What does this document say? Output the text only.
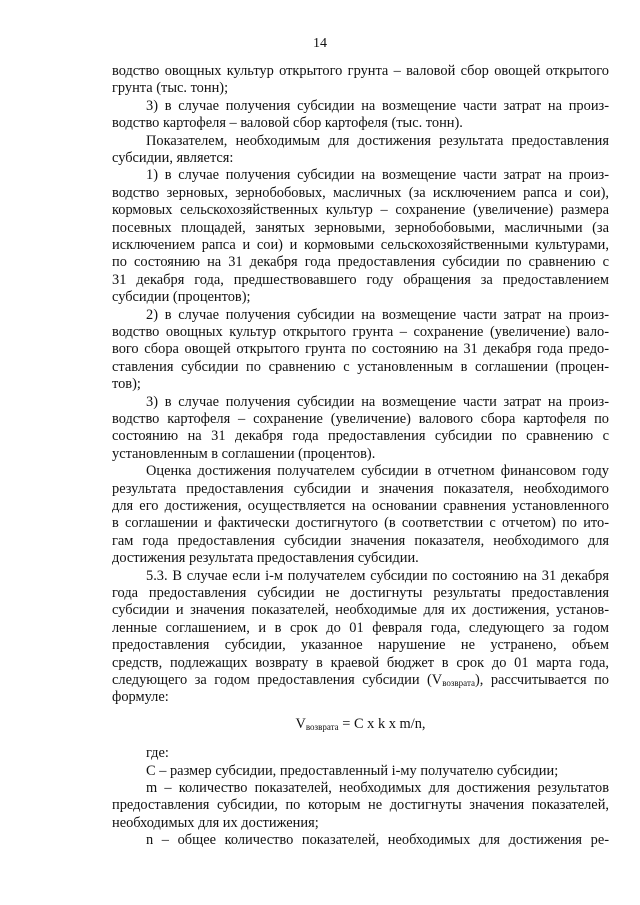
14
водство овощных культур открытого грунта – валовой сбор овощей открытого
грунта (тыс. тонн);
3) в случае получения субсидии на возмещение части затрат на произ-
водство картофеля – валовой сбор картофеля (тыс. тонн).
Показателем, необходимым для достижения результата предоставления
субсидии, является:
1) в случае получения субсидии на возмещение части затрат на произ-
водство зерновых, зернобобовых, масличных (за исключением рапса и сои),
кормовых сельскохозяйственных культур – сохранение (увеличение) размера
посевных площадей, занятых зерновыми, зернобобовыми, масличными (за
исключением рапса и сои) и кормовыми сельскохозяйственными культурами,
по состоянию на 31 декабря года предоставления субсидии по сравнению с
31 декабря года, предшествовавшего году обращения за предоставлением
субсидии (процентов);
2) в случае получения субсидии на возмещение части затрат на произ-
водство овощных культур открытого грунта – сохранение (увеличение) вало-
вого сбора овощей открытого грунта по состоянию на 31 декабря года предо-
ставления субсидии по сравнению с установленным в соглашении (процен-
тов);
3) в случае получения субсидии на возмещение части затрат на произ-
водство картофеля – сохранение (увеличение) валового сбора картофеля по
состоянию на 31 декабря года предоставления субсидии по сравнению с
установленным в соглашении (процентов).
Оценка достижения получателем субсидии в отчетном финансовом году
результата предоставления субсидии и значения показателя, необходимого
для его достижения, осуществляется на основании сравнения установленного
в соглашении и фактически достигнутого (в соответствии с отчетом) по ито-
гам года предоставления субсидии значения показателя, необходимого для
достижения результата предоставления субсидии.
5.3. В случае если i-м получателем субсидии по состоянию на 31 декабря
года предоставления субсидии не достигнуты результаты предоставления
субсидии и значения показателей, необходимые для их достижения, установ-
ленные соглашением, и в срок до 01 февраля года, следующего за годом
предоставления субсидии, указанное нарушение не устранено, объем
средств, подлежащих возврату в краевой бюджет в срок до 01 марта года,
следующего за годом предоставления субсидии $(V_{возврата})$, рассчитывается по
формуле:
$V_{возврата} = C$ x k x m/n,
где:
С – размер субсидии, предоставленный i-му получателю субсидии;
m – количество показателей, необходимых для достижения результатов
предоставления субсидии, по которым не достигнуты значения показателей,
необходимых для их достижения;
n – общее количество показателей, необходимых для достижения ре-
